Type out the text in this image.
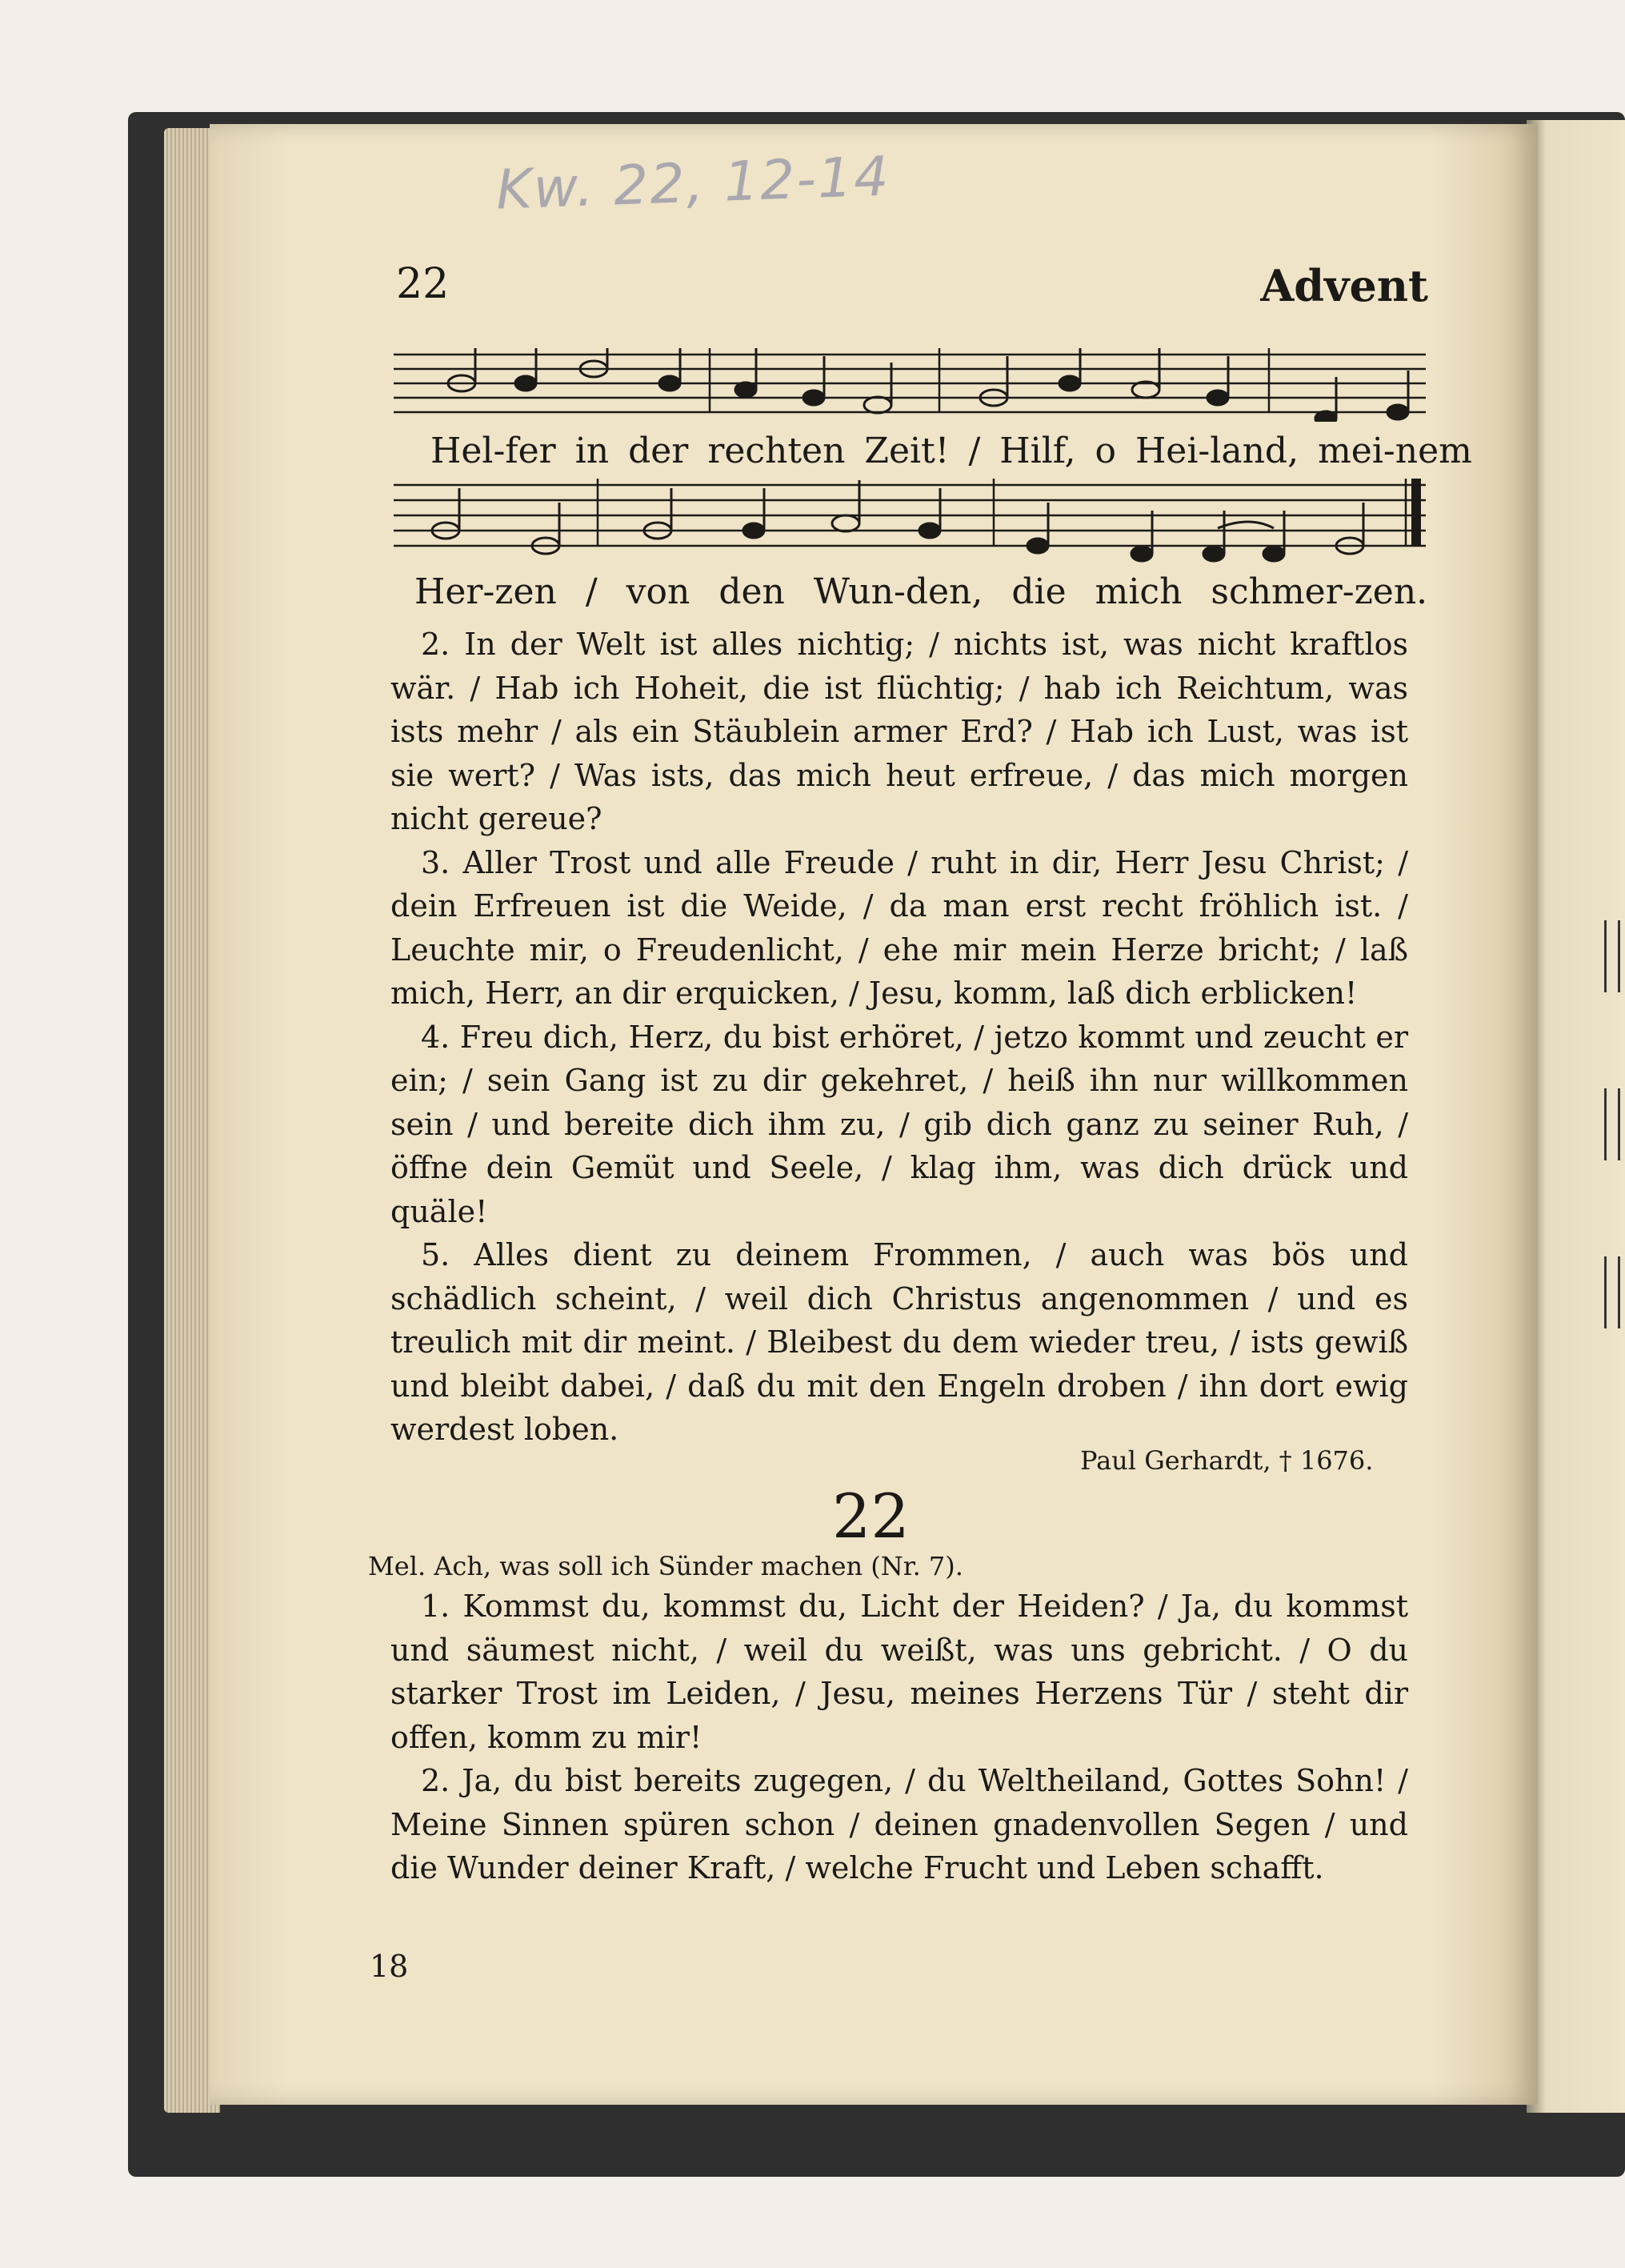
Kw. 22, 12-14
22	Advent
Hel-fer in der rechten Zeit! / Hilf, o Hei-land, mei-nem
Her-zen / von den Wun-den, die mich schmer-zen.

2. In der Welt ist alles nichtig; / nichts ist, was nicht kraftlos wär. / Hab ich Hoheit, die ist flüchtig; / hab ich Reichtum, was ists mehr / als ein Stäublein armer Erd? / Hab ich Lust, was ist sie wert? / Was ists, das mich heut erfreue, / das mich morgen nicht gereue?

3. Aller Trost und alle Freude / ruht in dir, Herr Jesu Christ; / dein Erfreuen ist die Weide, / da man erst recht fröhlich ist. / Leuchte mir, o Freudenlicht, / ehe mir mein Herze bricht; / laß mich, Herr, an dir erquicken, / Jesu, komm, laß dich erblicken!

4. Freu dich, Herz, du bist erhöret, / jetzo kommt und zeucht er ein; / sein Gang ist zu dir gekehret, / heiß ihn nur willkommen sein / und bereite dich ihm zu, / gib dich ganz zu seiner Ruh, / öffne dein Gemüt und Seele, / klag ihm, was dich drück und quäle!

5. Alles dient zu deinem Frommen, / auch was bös und schädlich scheint, / weil dich Christus angenommen / und es treulich mit dir meint. / Bleibest du dem wieder treu, / ists gewiß und bleibt dabei, / daß du mit den Engeln droben / ihn dort ewig werdest loben.

Paul Gerhardt, † 1676.
22
Mel. Ach, was soll ich Sünder machen (Nr. 7).

1. Kommst du, kommst du, Licht der Heiden? / Ja, du kommst und säumest nicht, / weil du weißt, was uns gebricht. / O du starker Trost im Leiden, / Jesu, meines Herzens Tür / steht dir offen, komm zu mir!

2. Ja, du bist bereits zugegen, / du Weltheiland, Gottes Sohn! / Meine Sinnen spüren schon / deinen gnadenvollen Segen / und die Wunder deiner Kraft, / welche Frucht und Leben schafft.

18
